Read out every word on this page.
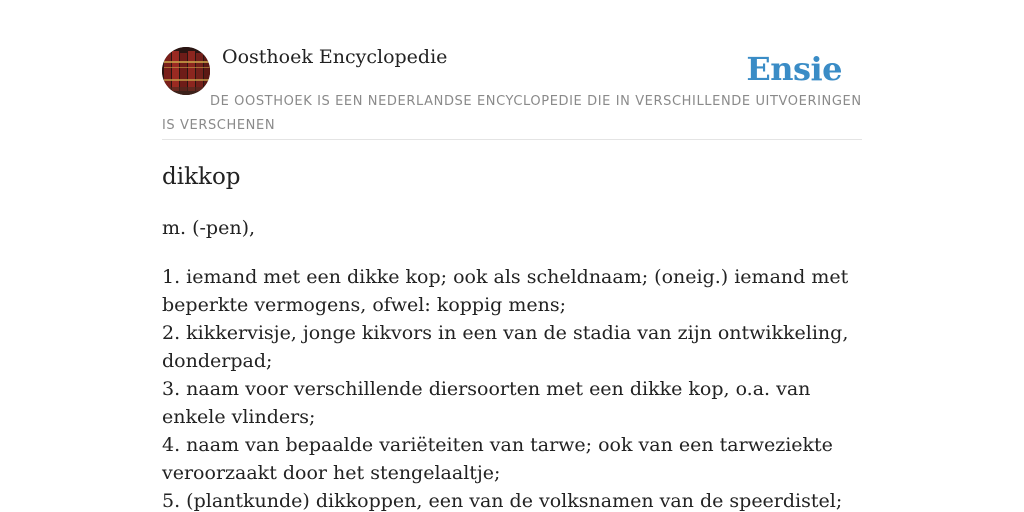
Oosthoek Encyclopedie	Ensie
DE OOSTHOEK IS EEN NEDERLANDSE ENCYCLOPEDIE DIE IN VERSCHILLENDE UITVOERINGEN IS VERSCHENEN
dikkop
m. (-pen),
1. iemand met een dikke kop; ook als scheldnaam; (oneig.) iemand met beperkte vermogens, ofwel: koppig mens;
2. kikkervisje, jonge kikvors in een van de stadia van zijn ontwikkeling, donderpad;
3. naam voor verschillende diersoorten met een dikke kop, o.a. van enkele vlinders;
4. naam van bepaalde variëteiten van tarwe; ook van een tarweziekte veroorzaakt door het stengelaaltje;
5. (plantkunde) dikkoppen, een van de volksnamen van de speerdistel;
